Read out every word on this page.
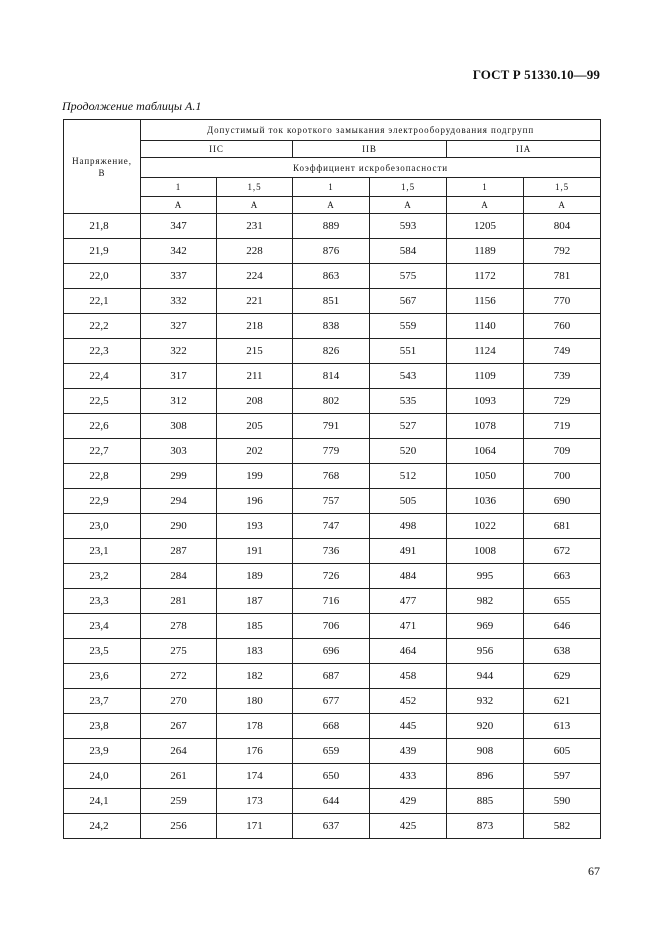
ГОСТ Р 51330.10—99
Продолжение таблицы А.1
Напряжение, В	Допустимый ток короткого замыкания электрооборудования подгрупп					
	IIC		IIB		IIA	
	Коэффициент искробезопасности					
	1	1,5	1	1,5	1	1,5
	А	А	А	А	А	А
21,8	347	231	889	593	1205	804
21,9	342	228	876	584	1189	792
22,0	337	224	863	575	1172	781
22,1	332	221	851	567	1156	770
22,2	327	218	838	559	1140	760
22,3	322	215	826	551	1124	749
22,4	317	211	814	543	1109	739
22,5	312	208	802	535	1093	729
22,6	308	205	791	527	1078	719
22,7	303	202	779	520	1064	709
22,8	299	199	768	512	1050	700
22,9	294	196	757	505	1036	690
23,0	290	193	747	498	1022	681
23,1	287	191	736	491	1008	672
23,2	284	189	726	484	995	663
23,3	281	187	716	477	982	655
23,4	278	185	706	471	969	646
23,5	275	183	696	464	956	638
23,6	272	182	687	458	944	629
23,7	270	180	677	452	932	621
23,8	267	178	668	445	920	613
23,9	264	176	659	439	908	605
24,0	261	174	650	433	896	597
24,1	259	173	644	429	885	590
24,2	256	171	637	425	873	582
67
